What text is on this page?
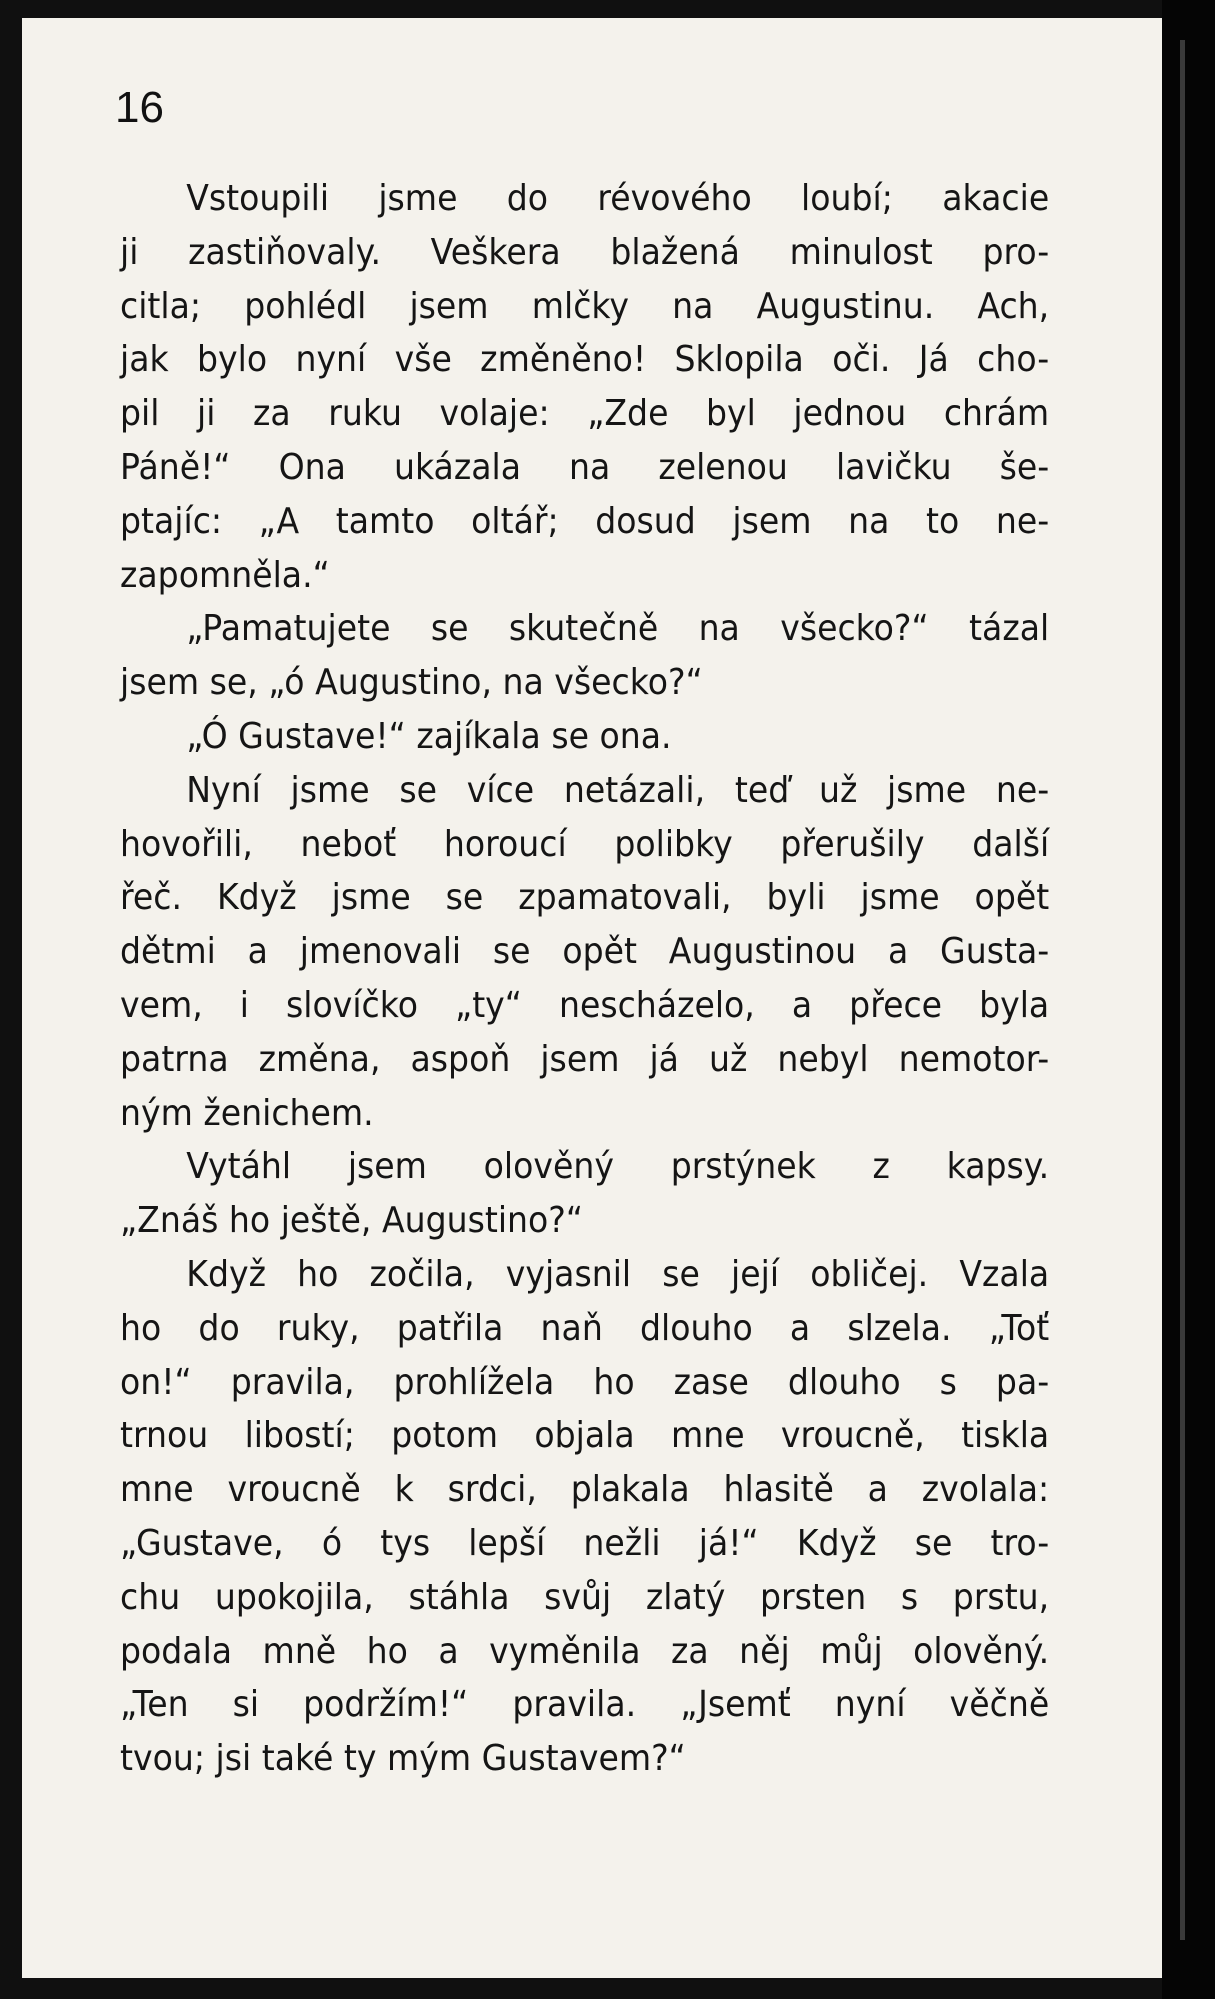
16
Vstoupili jsme do révového loubí; akacie
ji zastiňovaly. Veškera blažená minulost pro-
citla; pohlédl jsem mlčky na Augustinu. Ach,
jak bylo nyní vše změněno! Sklopila oči. Já cho-
pil ji za ruku volaje: „Zde byl jednou chrám
Páně!“ Ona ukázala na zelenou lavičku še-
ptajíc: „A tamto oltář; dosud jsem na to ne-
zapomněla.“
„Pamatujete se skutečně na všecko?“ tázal
jsem se, „ó Augustino, na všecko?“
„Ó Gustave!“ zajíkala se ona.
Nyní jsme se více netázali, teď už jsme ne-
hovořili, neboť horoucí polibky přerušily další
řeč. Když jsme se zpamatovali, byli jsme opět
dětmi a jmenovali se opět Augustinou a Gusta-
vem, i slovíčko „ty“ nescházelo, a přece byla
patrna změna, aspoň jsem já už nebyl nemotor-
ným ženichem.
Vytáhl jsem olověný prstýnek z kapsy.
„Znáš ho ještě, Augustino?“
Když ho zočila, vyjasnil se její obličej. Vzala
ho do ruky, patřila naň dlouho a slzela. „Toť
on!“ pravila, prohlížela ho zase dlouho s pa-
trnou libostí; potom objala mne vroucně, tiskla
mne vroucně k srdci, plakala hlasitě a zvolala:
„Gustave, ó tys lepší nežli já!“ Když se tro-
chu upokojila, stáhla svůj zlatý prsten s prstu,
podala mně ho a vyměnila za něj můj olověný.
„Ten si podržím!“ pravila. „Jsemť nyní věčně
tvou; jsi také ty mým Gustavem?“
